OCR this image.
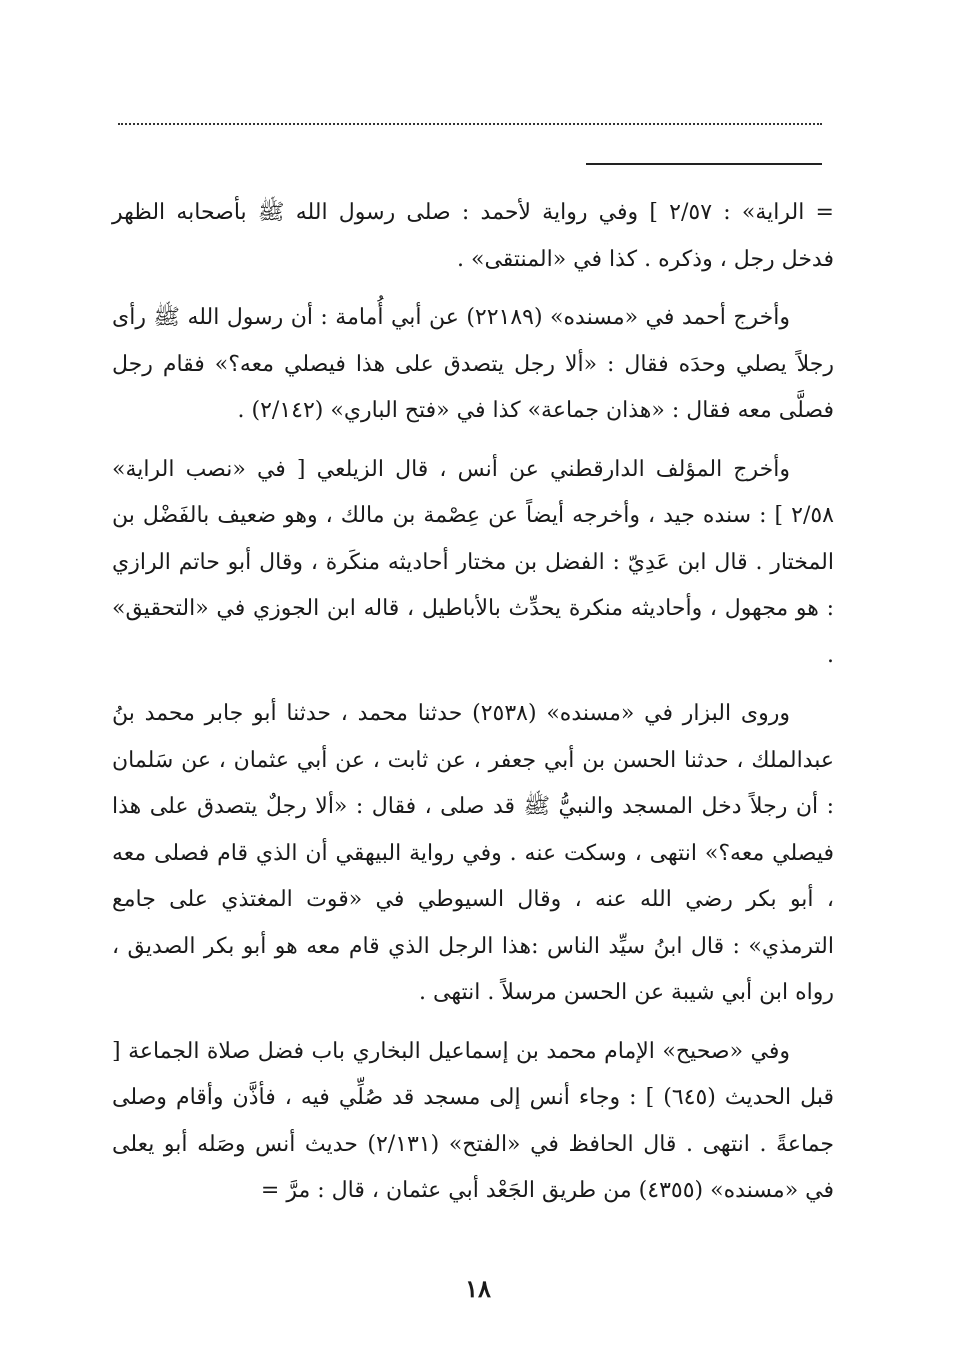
= الراية» : ٢/٥٧ ] وفي رواية لأحمد : صلى رسول الله ﷺ بأصحابه الظهر فدخل رجل ، وذكره . كذا في «المنتقى» .

وأخرج أحمد في «مسنده» (٢٢١٨٩) عن أبي أُمامة : أن رسول الله ﷺ رأى رجلاً يصلي وحدَه فقال : «ألا رجل يتصدق على هذا فيصلي معه؟» فقام رجل فصلَّى معه فقال : «هذان جماعة» كذا في «فتح الباري» (٢/١٤٢) .

وأخرج المؤلف الدارقطني عن أنس ، قال الزيلعي [ في «نصب الراية» ٢/٥٨ ] : سنده جيد ، وأخرجه أيضاً عن عِصْمة بن مالك ، وهو ضعيف بالفَضْل بن المختار . قال ابن عَدِيّ : الفضل بن مختار أحاديثه منكَرة ، وقال أبو حاتم الرازي : هو مجهول ، وأحاديثه منكرة يحدِّث بالأباطيل ، قاله ابن الجوزي في «التحقيق» .

وروى البزار في «مسنده» (٢٥٣٨) حدثنا محمد ، حدثنا أبو جابر محمد بنُ عبدالملك ، حدثنا الحسن بن أبي جعفر ، عن ثابت ، عن أبي عثمان ، عن سَلمان : أن رجلاً دخل المسجد والنبيُّ ﷺ قد صلى ، فقال : «ألا رجلٌ يتصدق على هذا فيصلي معه؟» انتهى ، وسكت عنه . وفي رواية البيهقي أن الذي قام فصلى معه ، أبو بكر رضي الله عنه ، وقال السيوطي في «قوت المغتذي على جامع الترمذي» : قال ابنُ سيِّد الناس :هذا الرجل الذي قام معه هو أبو بكر الصديق ، رواه ابن أبي شيبة عن الحسن مرسلاً . انتهى .

وفي «صحيح» الإمام محمد بن إسماعيل البخاري باب فضل صلاة الجماعة [ قبل الحديث (٦٤٥) ] : وجاء أنس إلى مسجد قد صُلِّي فيه ، فأذَّن وأقام وصلى جماعةً . انتهى . قال الحافظ في «الفتح» (٢/١٣١) حديث أنس وصَله أبو يعلى في «مسنده» (٤٣٥٥) من طريق الجَعْد أبي عثمان ، قال : مرَّ =

١٨
